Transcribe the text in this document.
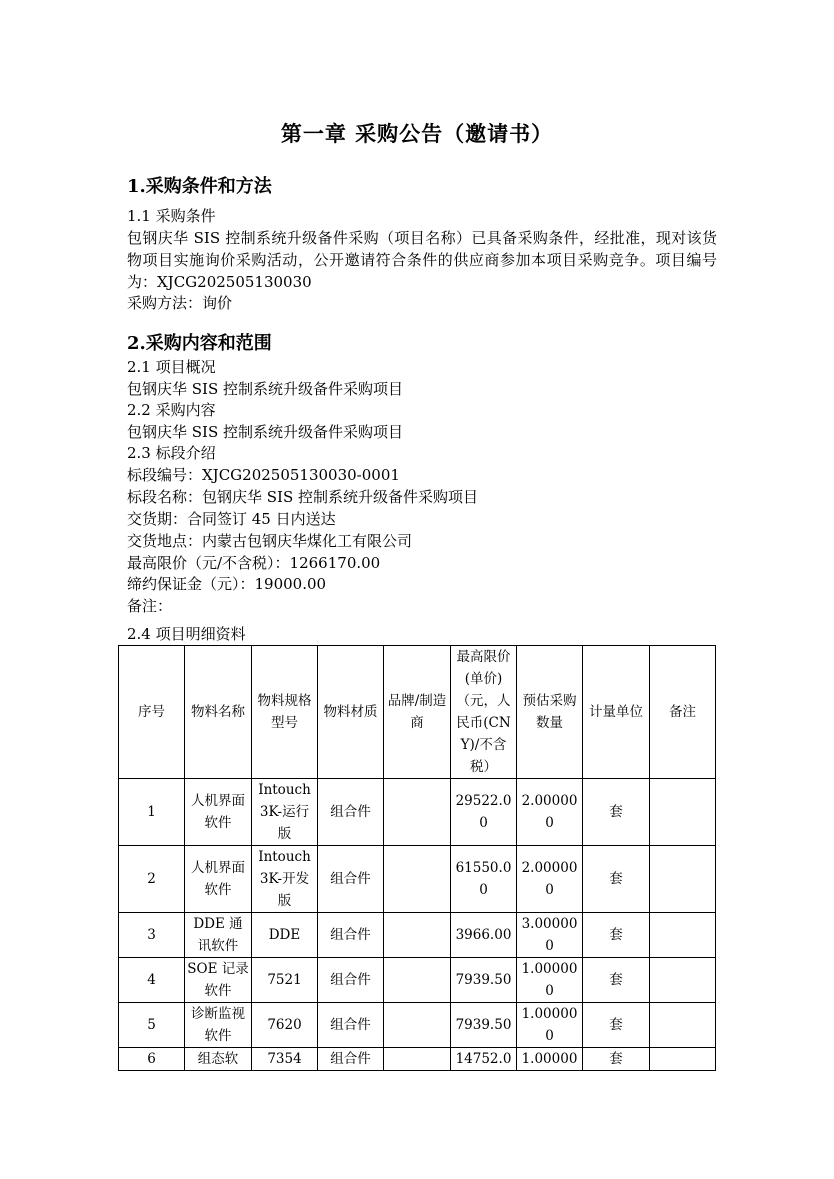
第一章 采购公告（邀请书）
1.采购条件和方法
1.1 采购条件
包钢庆华 SIS 控制系统升级备件采购（项目名称）已具备采购条件，经批准，现对该货物项目实施询价采购活动，公开邀请符合条件的供应商参加本项目采购竞争。项目编号为：XJCG202505130030
采购方法：询价
2.采购内容和范围
2.1 项目概况
包钢庆华 SIS 控制系统升级备件采购项目
2.2 采购内容
包钢庆华 SIS 控制系统升级备件采购项目
2.3 标段介绍
标段编号：XJCG202505130030-0001
标段名称：包钢庆华 SIS 控制系统升级备件采购项目
交货期：合同签订 45 日内送达
交货地点：内蒙古包钢庆华煤化工有限公司
最高限价（元/不含税）：1266170.00
缔约保证金（元）：19000.00
备注：
2.4 项目明细资料
序号	物料名称	物料规格型号	物料材质	品牌/制造商	最高限价(单价)（元，人民币(CNY)/不含税）	预估采购数量	计量单位	备注
1	人机界面软件	Intouch 3K-运行版	组合件		29522.00	2.000000	套	
2	人机界面软件	Intouch 3K-开发版	组合件		61550.00	2.000000	套	
3	DDE 通讯软件	DDE	组合件		3966.00	3.000000	套	
4	SOE 记录软件	7521	组合件		7939.50	1.000000	套	
5	诊断监视软件	7620	组合件		7939.50	1.000000	套	
6	组态软	7354	组合件		14752.0	1.00000	套	
